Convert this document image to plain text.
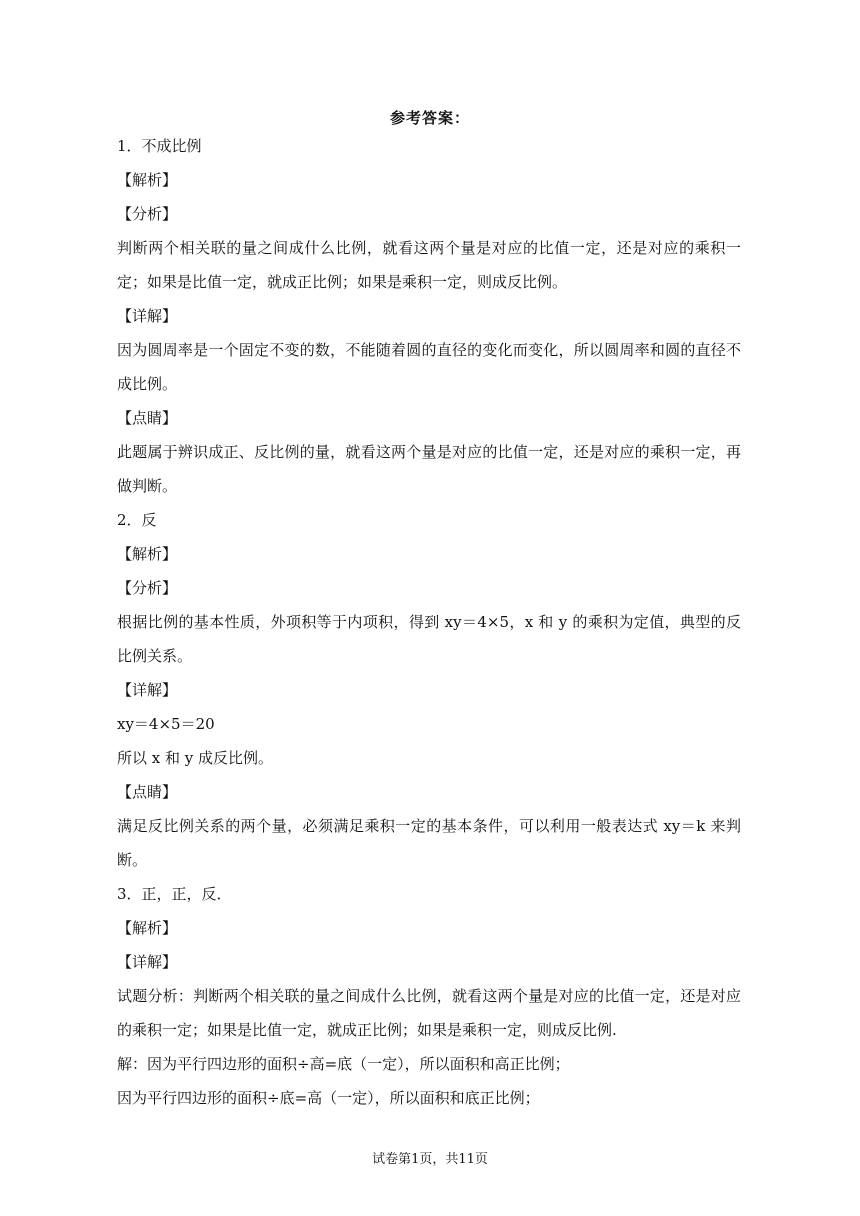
参考答案：

1．不成比例

【解析】

【分析】

判断两个相关联的量之间成什么比例，就看这两个量是对应的比值一定，还是对应的乘积一定；如果是比值一定，就成正比例；如果是乘积一定，则成反比例。

【详解】

因为圆周率是一个固定不变的数，不能随着圆的直径的变化而变化，所以圆周率和圆的直径不成比例。

【点睛】

此题属于辨识成正、反比例的量，就看这两个量是对应的比值一定，还是对应的乘积一定，再做判断。

2．反

【解析】

【分析】

根据比例的基本性质，外项积等于内项积，得到 xy＝4×5，x 和 y 的乘积为定值，典型的反比例关系。

【详解】

xy＝4×5＝20

所以 x 和 y 成反比例。

【点睛】

满足反比例关系的两个量，必须满足乘积一定的基本条件，可以利用一般表达式 xy＝k 来判断。

3．正，正，反．

【解析】

【详解】

试题分析：判断两个相关联的量之间成什么比例，就看这两个量是对应的比值一定，还是对应的乘积一定；如果是比值一定，就成正比例；如果是乘积一定，则成反比例.

解：因为平行四边形的面积÷高=底（一定），所以面积和高正比例；

因为平行四边形的面积÷底=高（一定），所以面积和底正比例；

试卷第1页，共11页
